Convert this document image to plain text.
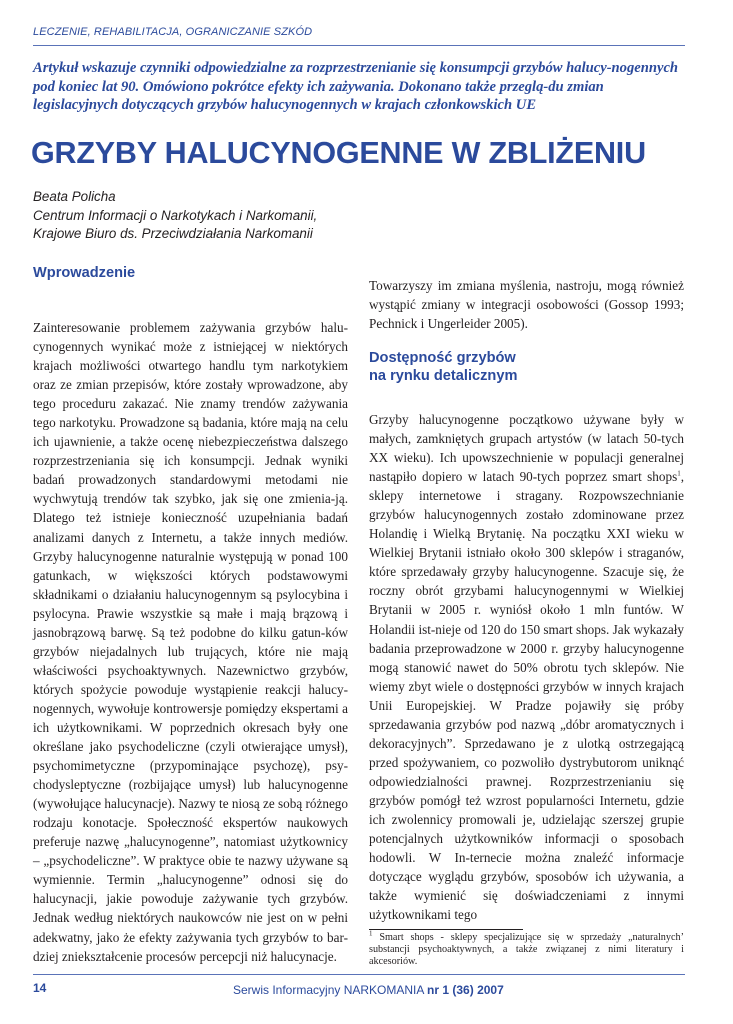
LECZENIE, REHABILITACJA, OGRANICZANIE SZKÓD
Artykuł wskazuje czynniki odpowiedzialne za rozprzestrzenianie się konsumpcji grzybów halucy-nogennych pod koniec lat 90. Omówiono pokrótce efekty ich zażywania. Dokonano także przeglą-du zmian legislacyjnych dotyczących grzybów halucynogennych w krajach członkowskich UE
GRZYBY HALUCYNOGENNE W ZBLIŻENIU
Beata Policha
Centrum Informacji o Narkotykach i Narkomanii,
Krajowe Biuro ds. Przeciwdziałania Narkomanii
Wprowadzenie

Zainteresowanie problemem zażywania grzybów halu-cynogennych wynikać może z istniejącej w niektórych krajach możliwości otwartego handlu tym narkotykiem oraz ze zmian przepisów, które zostały wprowadzone, aby tego proceduru zakazać. Nie znamy trendów zażywania tego narkotyku. Prowadzone są badania, które mają na celu ich ujawnienie, a także ocenę niebezpieczeństwa dalszego rozprzestrzeniania się ich konsumpcji. Jednak wyniki badań prowadzonych standardowymi metodami nie wychwytują trendów tak szybko, jak się one zmienia-ją. Dlatego też istnieje konieczność uzupełniania badań analizami danych z Internetu, a także innych mediów. Grzyby halucynogenne naturalnie występują w ponad 100 gatunkach, w większości których podstawowymi składnikami o działaniu halucynogennym są psylocybina i psylocyna. Prawie wszystkie są małe i mają brązową i jasnobrązową barwę. Są też podobne do kilku gatun-ków grzybów niejadalnych lub trujących, które nie mają właściwości psychoaktywnych. Nazewnictwo grzybów, których spożycie powoduje wystąpienie reakcji halucy-nogennych, wywołuje kontrowersje pomiędzy ekspertami a ich użytkownikami. W poprzednich okresach były one określane jako psychodeliczne (czyli otwierające umysł), psychomimetyczne (przypominające psychozę), psy-chodysleptyczne (rozbijające umysł) lub halucynogenne (wywołujące halucynacje). Nazwy te niosą ze sobą różnego rodzaju konotacje. Społeczność ekspertów naukowych preferuje nazwę „halucynogenne”, natomiast użytkownicy – „psychodeliczne”. W praktyce obie te nazwy używane są wymiennie. Termin „halucynogenne” odnosi się do halucynacji, jakie powoduje zażywanie tych grzybów. Jednak według niektórych naukowców nie jest on w pełni adekwatny, jako że efekty zażywania tych grzybów to bar-dziej zniekształcenie procesów percepcji niż halucynacje.

Towarzyszy im zmiana myślenia, nastroju, mogą również wystąpić zmiany w integracji osobowości (Gossop 1993; Pechnick i Ungerleider 2005).

Dostępność grzybów
na rynku detalicznym

Grzyby halucynogenne początkowo używane były w małych, zamkniętych grupach artystów (w latach 50-tych XX wieku). Ich upowszechnienie w populacji generalnej nastąpiło dopiero w latach 90-tych poprzez smart shops$^1$, sklepy internetowe i stragany. Rozpowszechnianie grzybów halucynogennych zostało zdominowane przez Holandię i Wielką Brytanię. Na początku XXI wieku w Wielkiej Brytanii istniało około 300 sklepów i straganów, które sprzedawały grzyby halucynogenne. Szacuje się, że roczny obrót grzybami halucynogennymi w Wielkiej Brytanii w 2005 r. wyniósł około 1 mln funtów. W Holandii ist-nieje od 120 do 150 smart shops. Jak wykazały badania przeprowadzone w 2000 r. grzyby halucynogenne mogą stanowić nawet do 50% obrotu tych sklepów. Nie wiemy zbyt wiele o dostępności grzybów w innych krajach Unii Europejskiej. W Pradze pojawiły się próby sprzedawania grzybów pod nazwą „dóbr aromatycznych i dekoracyjnych”. Sprzedawano je z ulotką ostrzegającą przed spożywaniem, co pozwoliło dystrybutorom uniknąć odpowiedzialności prawnej. Rozprzestrzenianiu się grzybów pomógł też wzrost popularności Internetu, gdzie ich zwolennicy promowali je, udzielając szerszej grupie potencjalnych użytkowników informacji o sposobach hodowli. W In-ternecie można znaleźć informacje dotyczące wyglądu grzybów, sposobów ich używania, a także wymienić się doświadczeniami z innymi użytkownikami tego

$^1$ Smart shops - sklepy specjalizujące się w sprzedaży „naturalnych’ substancji psychoaktywnych, a także związanej z nimi literatury i akcesoriów.
14	Serwis Informacyjny NARKOMANIA nr 1 (36) 2007
